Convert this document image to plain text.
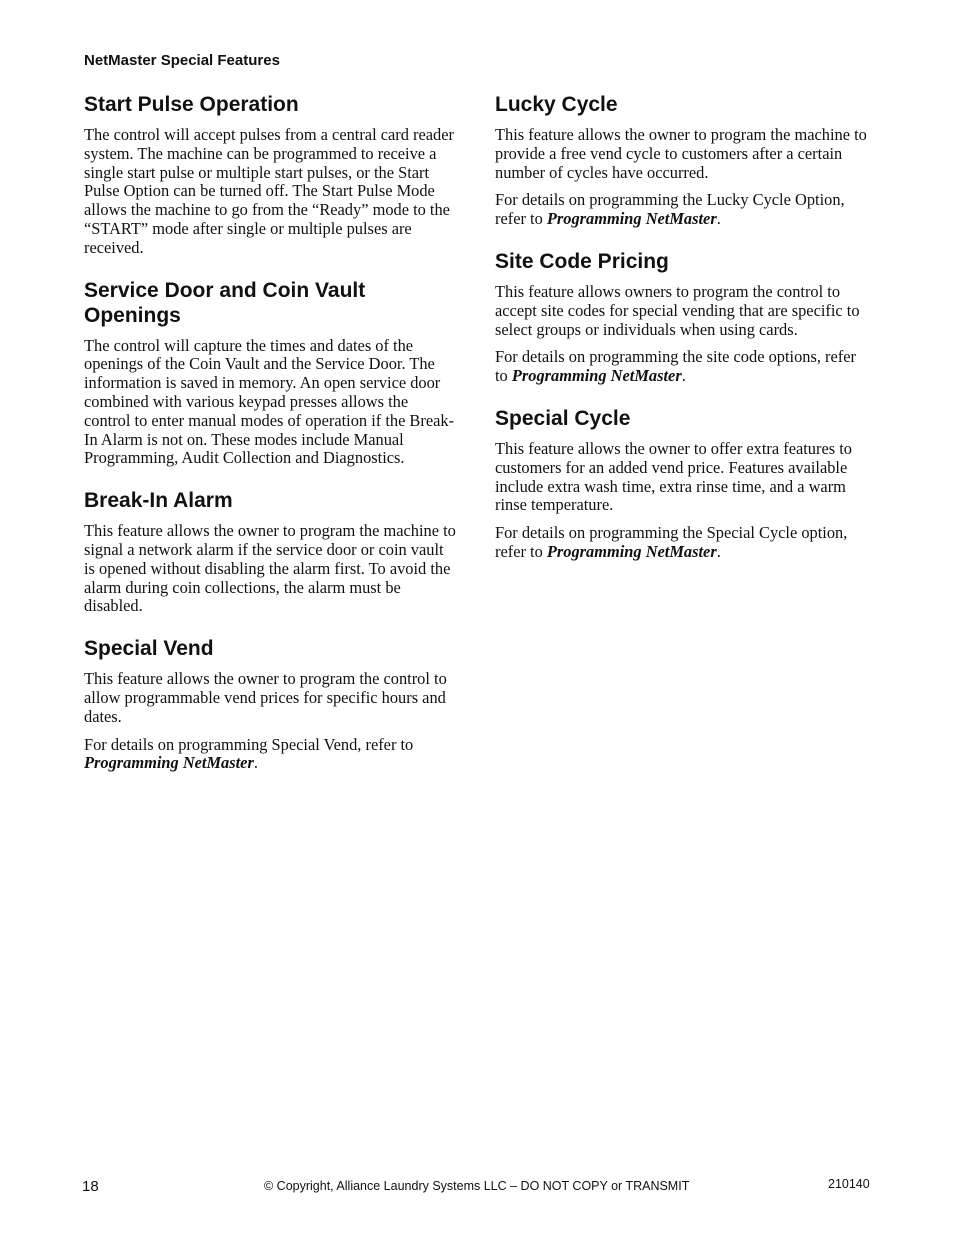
NetMaster Special Features
Start Pulse Operation

The control will accept pulses from a central card reader system. The machine can be programmed to receive a single start pulse or multiple start pulses, or the Start Pulse Option can be turned off. The Start Pulse Mode allows the machine to go from the “Ready” mode to the “START” mode after single or multiple pulses are received.

Service Door and Coin Vault Openings

The control will capture the times and dates of the openings of the Coin Vault and the Service Door. The information is saved in memory. An open service door combined with various keypad presses allows the control to enter manual modes of operation if the Break-In Alarm is not on. These modes include Manual Programming, Audit Collection and Diagnostics.

Break-In Alarm

This feature allows the owner to program the machine to signal a network alarm if the service door or coin vault is opened without disabling the alarm first. To avoid the alarm during coin collections, the alarm must be disabled.

Special Vend

This feature allows the owner to program the control to allow programmable vend prices for specific hours and dates.

For details on programming Special Vend, refer to Programming NetMaster.

Lucky Cycle

This feature allows the owner to program the machine to provide a free vend cycle to customers after a certain number of cycles have occurred.

For details on programming the Lucky Cycle Option, refer to Programming NetMaster.

Site Code Pricing

This feature allows owners to program the control to accept site codes for special vending that are specific to select groups or individuals when using cards.

For details on programming the site code options, refer to Programming NetMaster.

Special Cycle

This feature allows the owner to offer extra features to customers for an added vend price. Features available include extra wash time, extra rinse time, and a warm rinse temperature.

For details on programming the Special Cycle option, refer to Programming NetMaster.

18	© Copyright, Alliance Laundry Systems LLC – DO NOT COPY or TRANSMIT	210140
